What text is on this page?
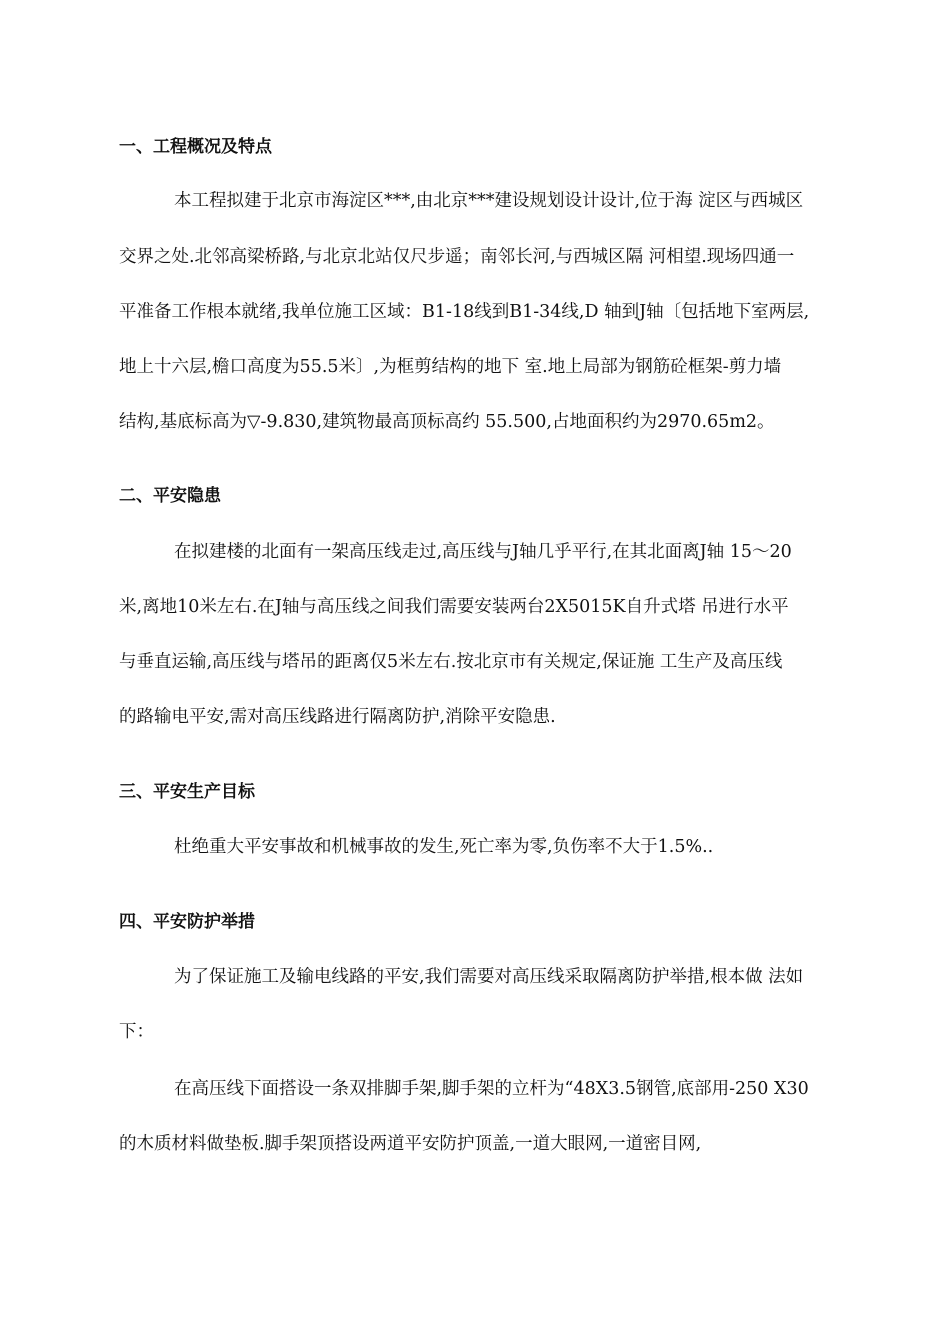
一、工程概况及特点
本工程拟建于北京市海淀区***,由北京***建设规划设计设计,位于海 淀区与西城区
交界之处.北邻高梁桥路,与北京北站仅尺步遥；南邻长河,与西城区隔 河相望.现场四通一
平准备工作根本就绪,我单位施工区域：B1-18线到B1-34线,D 轴到J轴〔包括地下室两层,
地上十六层,檐口高度为55.5米〕,为框剪结构的地下 室.地上局部为钢筋砼框架-剪力墙
结构,基底标高为▽-9.830,建筑物最高顶标高约 55.500,占地面积约为2970.65m2。
二、平安隐患
在拟建楼的北面有一架高压线走过,高压线与J轴几乎平行,在其北面离J轴 15〜20
米,离地10米左右.在J轴与高压线之间我们需要安装两台2X5015K自升式塔 吊进行水平
与垂直运输,高压线与塔吊的距离仅5米左右.按北京市有关规定,保证施 工生产及高压线
的路输电平安,需对高压线路进行隔离防护,消除平安隐患.
三、平安生产目标
杜绝重大平安事故和机械事故的发生,死亡率为零,负伤率不大于1.5%..
四、平安防护举措
为了保证施工及输电线路的平安,我们需要对高压线采取隔离防护举措,根本做 法如
下：
在高压线下面搭设一条双排脚手架,脚手架的立杆为“48X3.5钢管,底部用-250 X30
的木质材料做垫板.脚手架顶搭设两道平安防护顶盖,一道大眼网,一道密目网,
